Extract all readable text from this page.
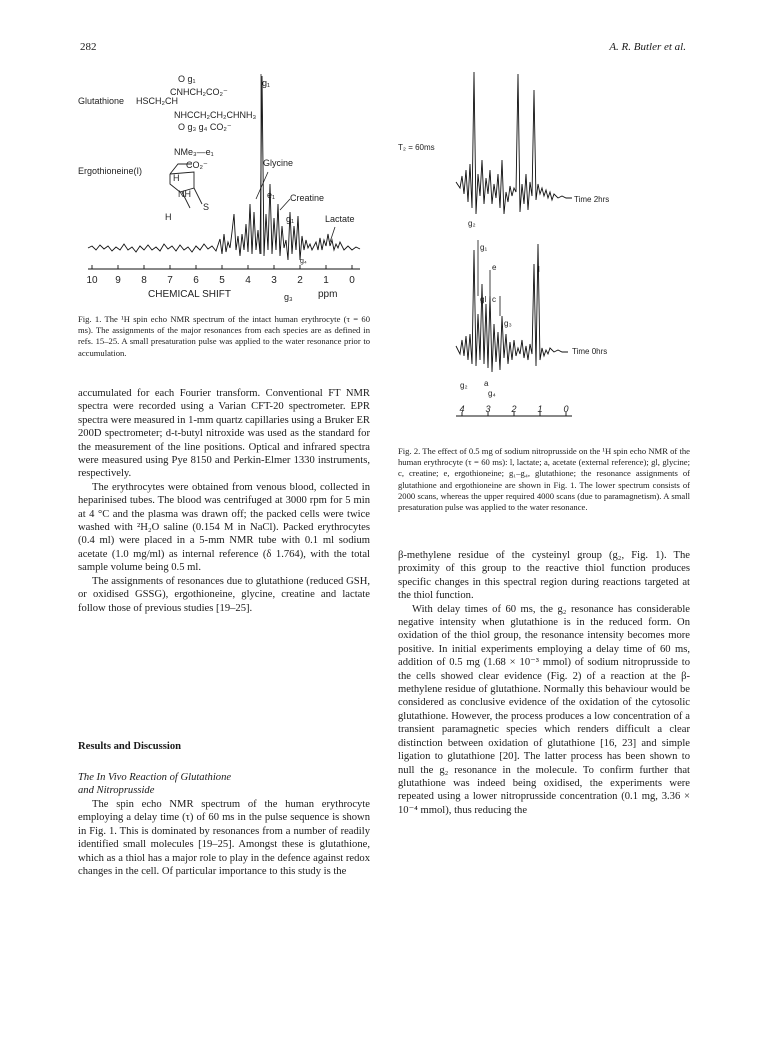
282	A. R. Butler et al.
O g₁
CNHCH₂CO₂⁻
Glutathione HSCH₂CH
NHCCH₂CH₂CHNH₃
O g₃ g₄ CO₂⁻
NMe₃—e₁
Ergothioneine(I)
CO₂⁻
H
NH
S
H
g₁
Glycine
e₁ Creatine
g₁	Lactate
g₄
g₃
10 9 8 7 6 5 4 3 2 1 0
CHEMICAL SHIFT	ppm
Fig. 1. The ¹H spin echo NMR spectrum of the intact human erythrocyte (τ = 60 ms). The assignments of the major resonances from each species are as defined in refs. 15–25. A small presaturation pulse was applied to the water resonance prior to accumulation.
T₂ = 60ms
Time 2hrs
Time 0hrs
g₂
g₁
e	l
gl c
g₃
g₂ a
g₄
4 3 2 1 0
Fig. 2. The effect of 0.5 mg of sodium nitroprusside on the ¹H spin echo NMR of the human erythrocyte (τ = 60 ms): l, lactate; a, acetate (external reference); gl, glycine; c, creatine; e, ergothioneine; g₁–g₄, glutathione; the resonance assignments of glutathione and ergothioneine are shown in Fig. 1. The lower spectrum consists of 2000 scans, whereas the upper required 4000 scans (due to paramagnetism). A small presaturation pulse was applied to the water resonance.

accumulated for each Fourier transform. Conventional FT NMR spectra were recorded using a Varian CFT-20 spectrometer. EPR spectra were measured in 1-mm quartz capillaries using a Bruker ER 200D spectrometer; d-t-butyl nitroxide was used as the standard for the measurement of the line positions. Optical and infrared spectra were measured using Pye 8150 and Perkin-Elmer 1330 instruments, respectively.

The erythrocytes were obtained from venous blood, collected in heparinised tubes. The blood was centrifuged at 3000 rpm for 5 min at 4 °C and the plasma was drawn off; the packed cells were twice washed with ²H₂O saline (0.154 M in NaCl). Packed erythrocytes (0.4 ml) were placed in a 5-mm NMR tube with 0.1 ml sodium acetate (1.0 mg/ml) as internal reference (δ 1.764), with the total sample volume being 0.5 ml.

The assignments of resonances due to glutathione (reduced GSH, or oxidised GSSG), ergothioneine, glycine, creatine and lactate follow those of previous studies [19–25].

Results and Discussion
The In Vivo Reaction of Glutathione
and Nitroprusside

The spin echo NMR spectrum of the human erythrocyte employing a delay time (τ) of 60 ms in the pulse sequence is shown in Fig. 1. This is dominated by resonances from a number of readily identified small molecules [19–25]. Amongst these is glutathione, which as a thiol has a major role to play in the defence against redox changes in the cell. Of particular importance to this study is the

β-methylene residue of the cysteinyl group (g₂, Fig. 1). The proximity of this group to the reactive thiol function produces specific changes in this spectral region during reactions targeted at the thiol function.

With delay times of 60 ms, the g₂ resonance has considerable negative intensity when glutathione is in the reduced form. On oxidation of the thiol group, the resonance intensity becomes more positive. In initial experiments employing a delay time of 60 ms, addition of 0.5 mg (1.68 × 10⁻³ mmol) of sodium nitroprusside to the cells showed clear evidence (Fig. 2) of a reaction at the β-methylene residue of glutathione. Normally this behaviour would be considered as conclusive evidence of the oxidation of the cytosolic glutathione. However, the process produces a low concentration of a transient paramagnetic species which renders difficult a clear distinction between oxidation of glutathione [16, 23] and simple ligation to glutathione [20]. The latter process has been shown to null the g₂ resonance in the molecule. To confirm further that glutathione was indeed being oxidised, the experiments were repeated using a lower nitroprusside concentration (0.1 mg, 3.36 × 10⁻⁴ mmol), thus reducing the
